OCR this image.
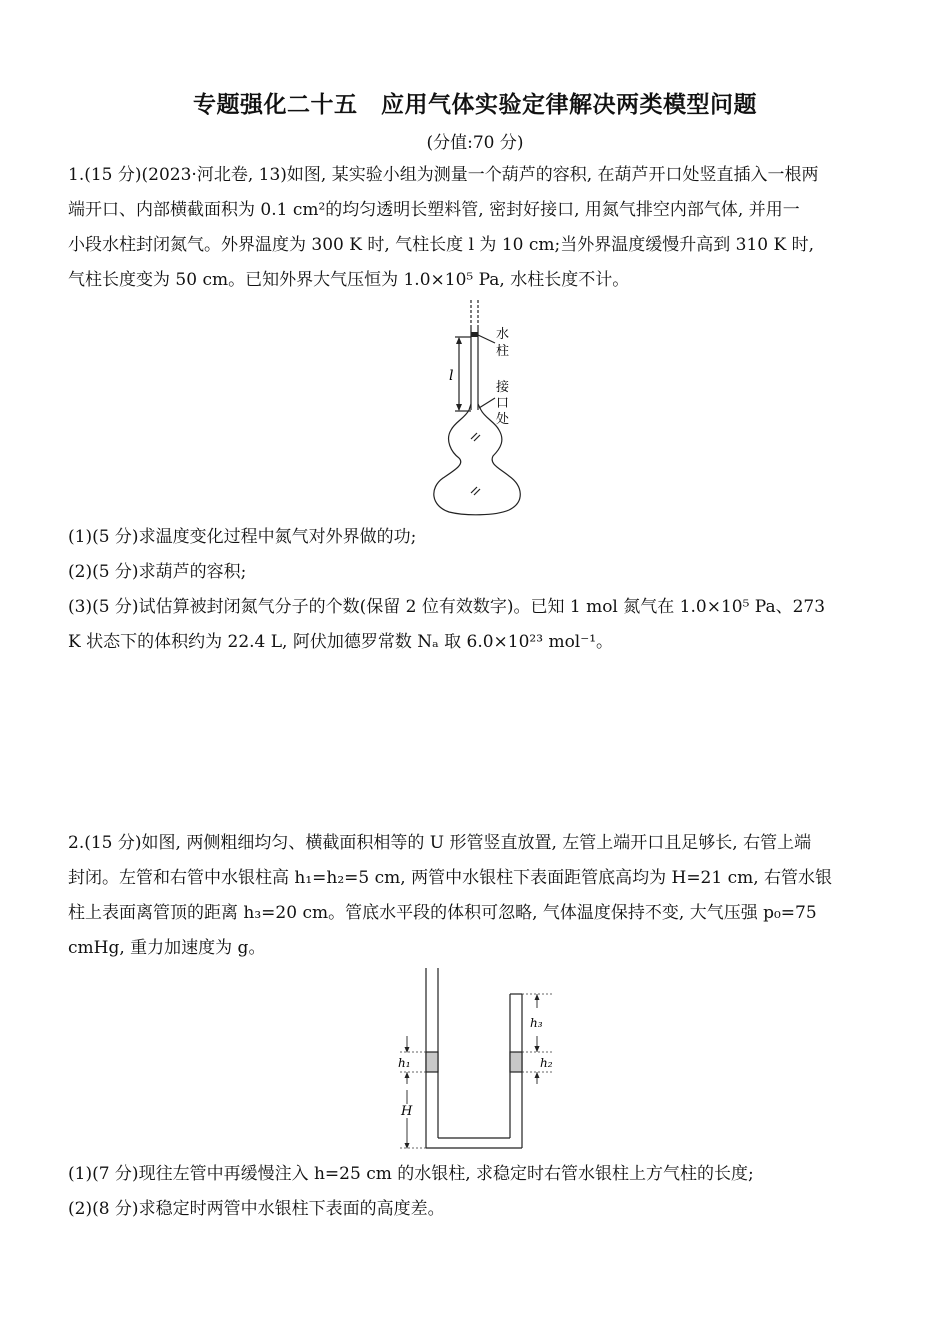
专题强化二十五　应用气体实验定律解决两类模型问题
(分值:70 分)
1.(15 分)(2023·河北卷, 13)如图, 某实验小组为测量一个葫芦的容积, 在葫芦开口处竖直插入一根两
端开口、内部横截面积为 0.1 cm²的均匀透明长塑料管, 密封好接口, 用氮气排空内部气体, 并用一
小段水柱封闭氮气。外界温度为 300 K 时, 气柱长度 l 为 10 cm;当外界温度缓慢升高到 310 K 时,
气柱长度变为 50 cm。已知外界大气压恒为 1.0×10⁵ Pa, 水柱长度不计。
水
柱
l
接
口
处
(1)(5 分)求温度变化过程中氮气对外界做的功;
(2)(5 分)求葫芦的容积;
(3)(5 分)试估算被封闭氮气分子的个数(保留 2 位有效数字)。已知 1 mol 氮气在 1.0×10⁵ Pa、273
K 状态下的体积约为 22.4 L, 阿伏加德罗常数 Nₐ 取 6.0×10²³ mol⁻¹。
2.(15 分)如图, 两侧粗细均匀、横截面积相等的 U 形管竖直放置, 左管上端开口且足够长, 右管上端
封闭。左管和右管中水银柱高 h₁=h₂=5 cm, 两管中水银柱下表面距管底高均为 H=21 cm, 右管水银
柱上表面离管顶的距离 h₃=20 cm。管底水平段的体积可忽略, 气体温度保持不变, 大气压强 p₀=75
cmHg, 重力加速度为 g。
h₁
H
h₂
h₃
(1)(7 分)现往左管中再缓慢注入 h=25 cm 的水银柱, 求稳定时右管水银柱上方气柱的长度;
(2)(8 分)求稳定时两管中水银柱下表面的高度差。
